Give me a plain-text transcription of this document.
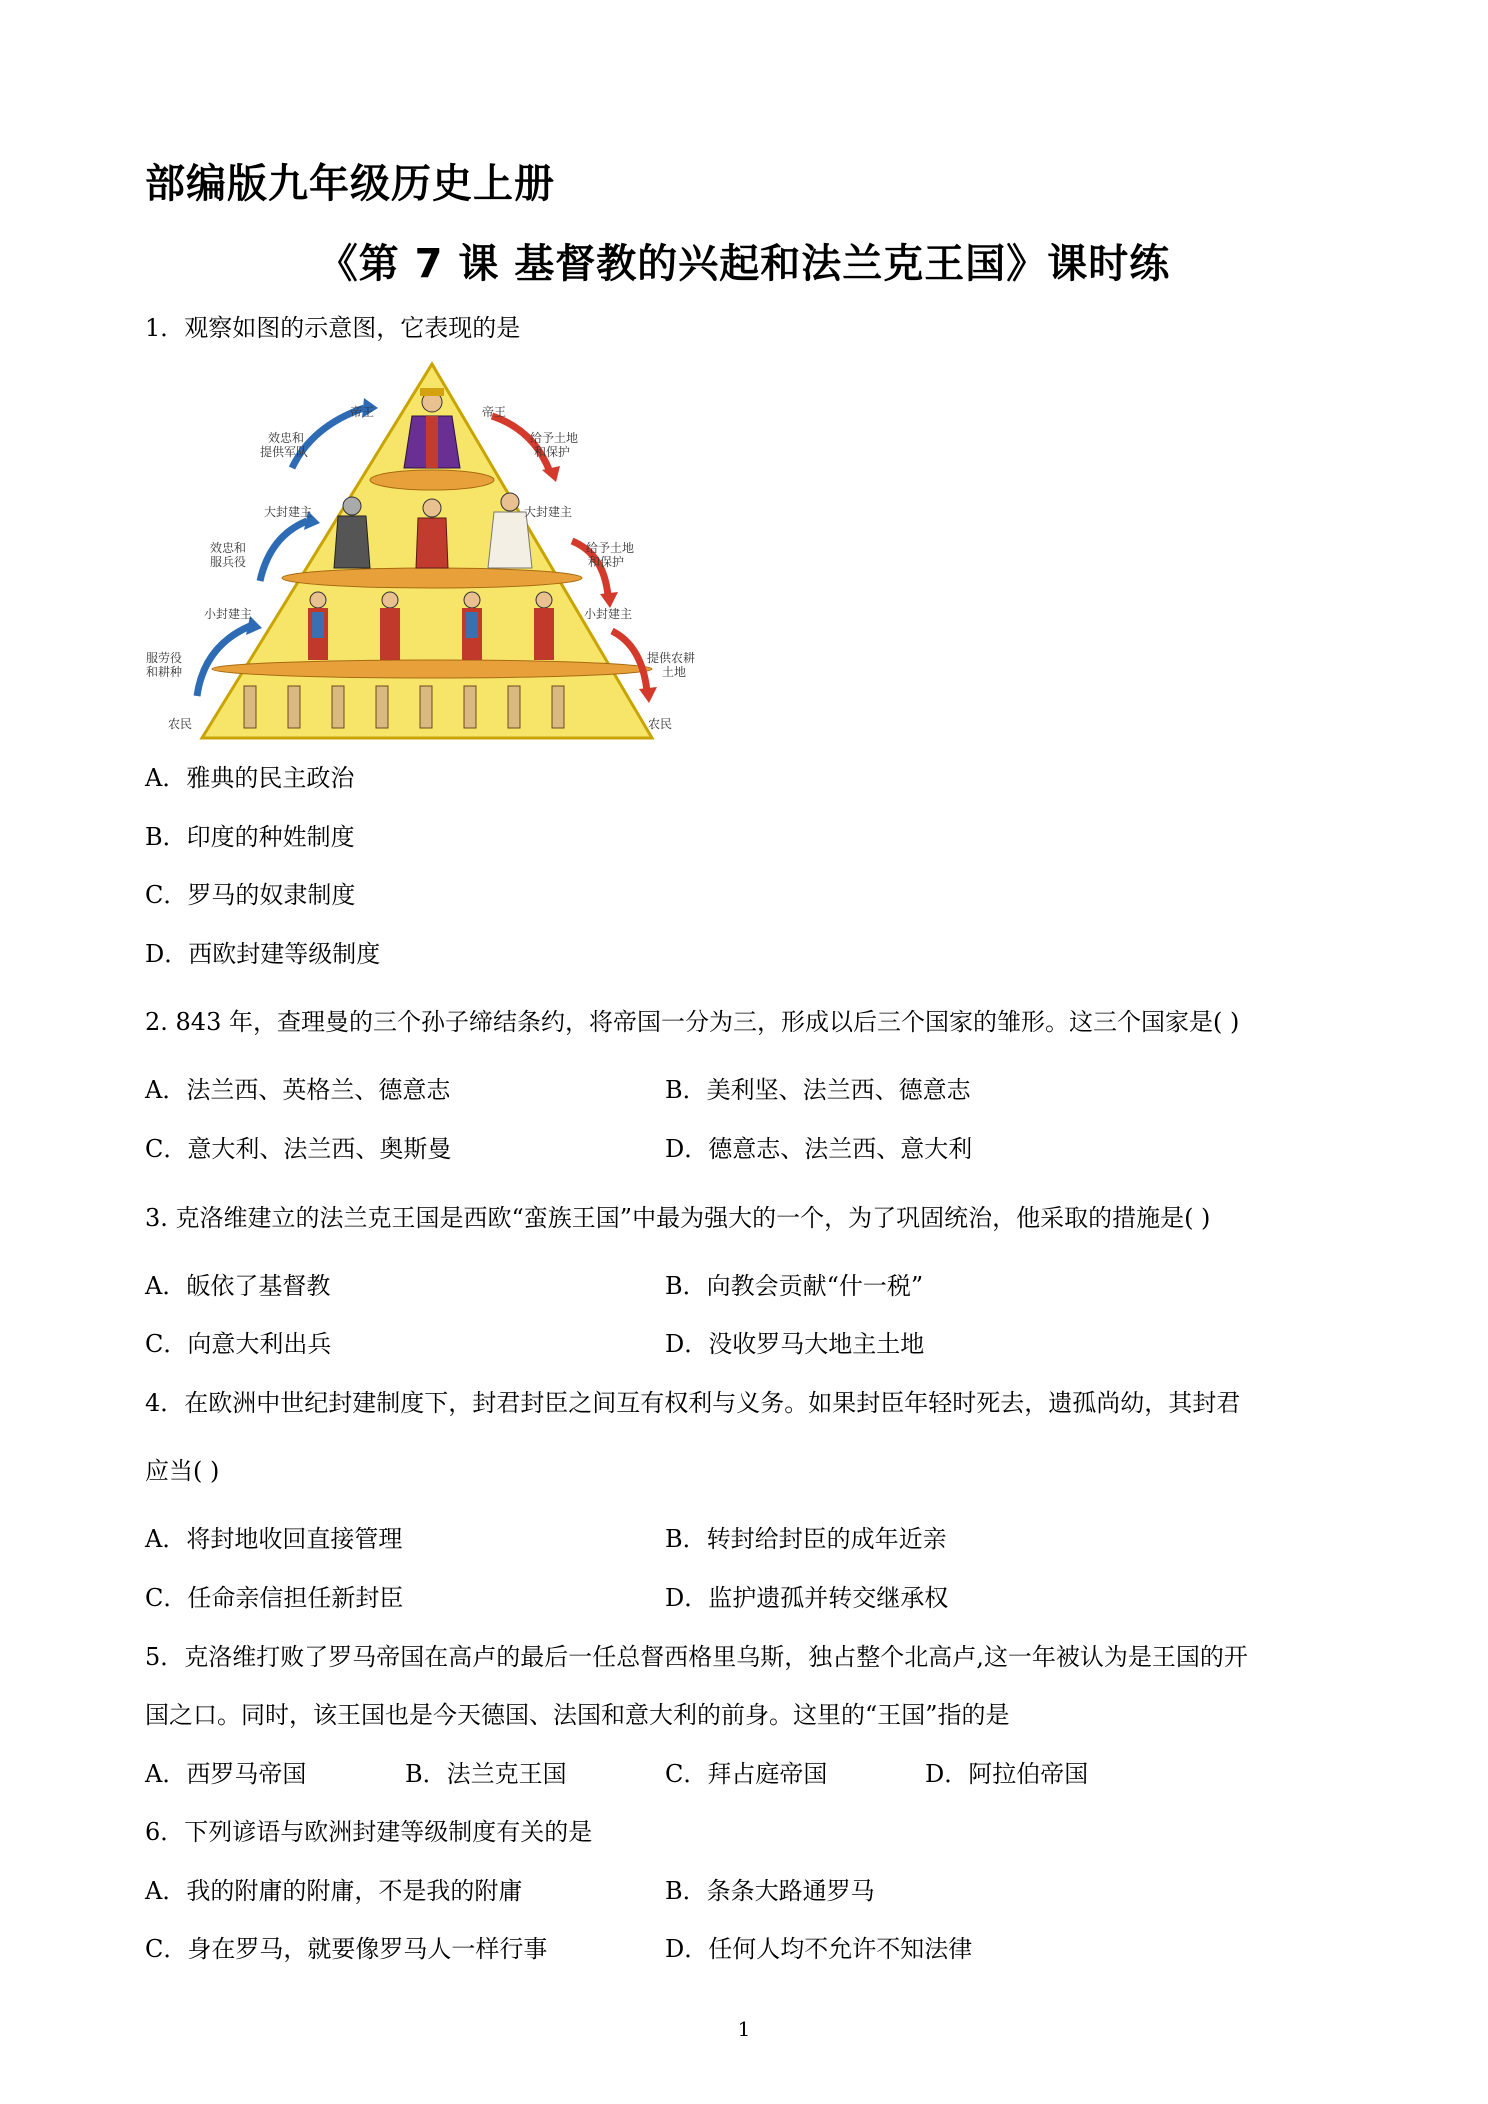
部编版九年级历史上册
《第 7 课 基督教的兴起和法兰克王国》课时练
1．观察如图的示意图，它表现的是
帝王
效忠和
提供军队
大封建主
效忠和
服兵役
小封建主
服劳役
和耕种
农民
帝王
给予土地
和保护
大封建主
给予土地
和保护
小封建主
提供农耕
土地
农民
A．雅典的民主政治
B．印度的种姓制度
C．罗马的奴隶制度
D．西欧封建等级制度
2. 843 年，查理曼的三个孙子缔结条约，将帝国一分为三，形成以后三个国家的雏形。这三个国家是( )
A．法兰西、英格兰、德意志	B．美利坚、法兰西、德意志
C．意大利、法兰西、奥斯曼	D．德意志、法兰西、意大利
3. 克洛维建立的法兰克王国是西欧“蛮族王国”中最为强大的一个，为了巩固统治，他采取的措施是( )
A．皈依了基督教	B．向教会贡献“什一税”
C．向意大利出兵	D．没收罗马大地主土地
4．在欧洲中世纪封建制度下，封君封臣之间互有权利与义务。如果封臣年轻时死去，遗孤尚幼，其封君
应当( )
A．将封地收回直接管理	B．转封给封臣的成年近亲
C．任命亲信担任新封臣	D．监护遗孤并转交继承权
5．克洛维打败了罗马帝国在高卢的最后一任总督西格里乌斯，独占整个北高卢,这一年被认为是王国的开
国之口。同时，该王国也是今天德国、法国和意大利的前身。这里的“王国”指的是
A．西罗马帝国	B．法兰克王国	C．拜占庭帝国	D．阿拉伯帝国
6．下列谚语与欧洲封建等级制度有关的是
A．我的附庸的附庸，不是我的附庸	B．条条大路通罗马
C．身在罗马，就要像罗马人一样行事	D．任何人均不允许不知法律
1
